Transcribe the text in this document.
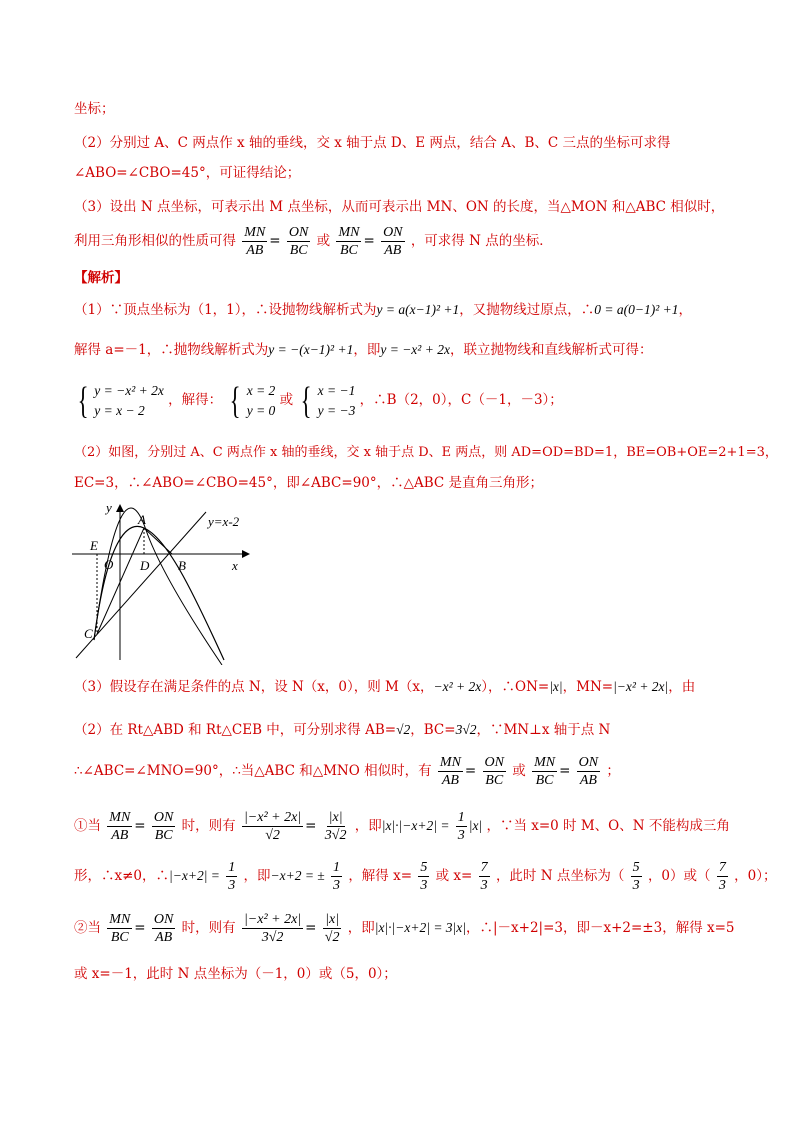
坐标；
（2）分别过 A、C 两点作 x 轴的垂线，交 x 轴于点 D、E 两点，结合 A、B、C 三点的坐标可求得
∠ABO=∠CBO=45°，可证得结论；
（3）设出 N 点坐标，可表示出 M 点坐标，从而可表示出 MN、ON 的长度，当△MON 和△ABC 相似时，
利用三角形相似的性质可得 $\frac{MN}{AB} = \frac{ON}{BC}$ 或 $\frac{MN}{BC} = \frac{ON}{AB}$ ，可求得 N 点的坐标．
【解析】
（1）∵顶点坐标为（1，1），∴设抛物线解析式为y = a(x−1)² +1，又抛物线过原点，∴0 = a(0−1)² +1，
解得 a=－1，∴抛物线解析式为y = −(x−1)² +1，即y = −x² + 2x，联立抛物线和直线解析式可得：
{ y = −x² + 2x
y = x − 2
，解得： { x = 2
y = 0
或 { x = −1
y = −3
，∴B（2，0），C（－1，－3）；
（2）如图，分别过 A、C 两点作 x 轴的垂线，交 x 轴于点 D、E 两点，则 AD=OD=BD=1，BE=OB+OE=2+1=3，
EC=3，∴∠ABO=∠CBO=45°，即∠ABC=90°，∴△ABC 是直角三角形；
y
x
A
E
O D B
C
y=x-2
（3）假设存在满足条件的点 N，设 N（x，0），则 M（x，−x² + 2x），∴ON=|x|，MN=|−x² + 2x|，由
（2）在 Rt△ABD 和 Rt△CEB 中，可分别求得 AB=√2，BC=3√2，∵MN⊥x 轴于点 N
∴∠ABC=∠MNO=90°，∴当△ABC 和△MNO 相似时，有 $\frac{MN}{AB} = \frac{ON}{BC}$ 或 $\frac{MN}{BC} = \frac{ON}{AB}$ ；
①当 $\frac{MN}{AB} = \frac{ON}{BC}$ 时，则有 $\frac{\text{|−x² + 2x|}}{√2} = \frac{|x|}{3√2}$ ，即$|x|\cdot|-x+2| = \frac{1}{3} |x|$ ，∵当 x=0 时 M、O、N 不能构成三角
形，∴x≠0，∴|−x+2| = $\frac{1}{3}$ ，即−x+2 = ± $\frac{1}{3}$ ，解得 $x= \frac{5}{3}$ 或 $x= \frac{7}{3}$ ，此时 N 点坐标为（ $\frac{5}{3}$ ，0）或（ $\frac{7}{3}$ ，0）；
②当 $\frac{MN}{BC} = \frac{ON}{AB}$ 时，则有 $\frac{\text{|−x² + 2x|}}{3√2} = \frac{|x|}{√2}$ ，即|x|·|−x+2| = 3|x|，∴|－x+2|=3，即－x+2=±3，解得 x=5
或 x=－1，此时 N 点坐标为（－1，0）或（5，0）；
